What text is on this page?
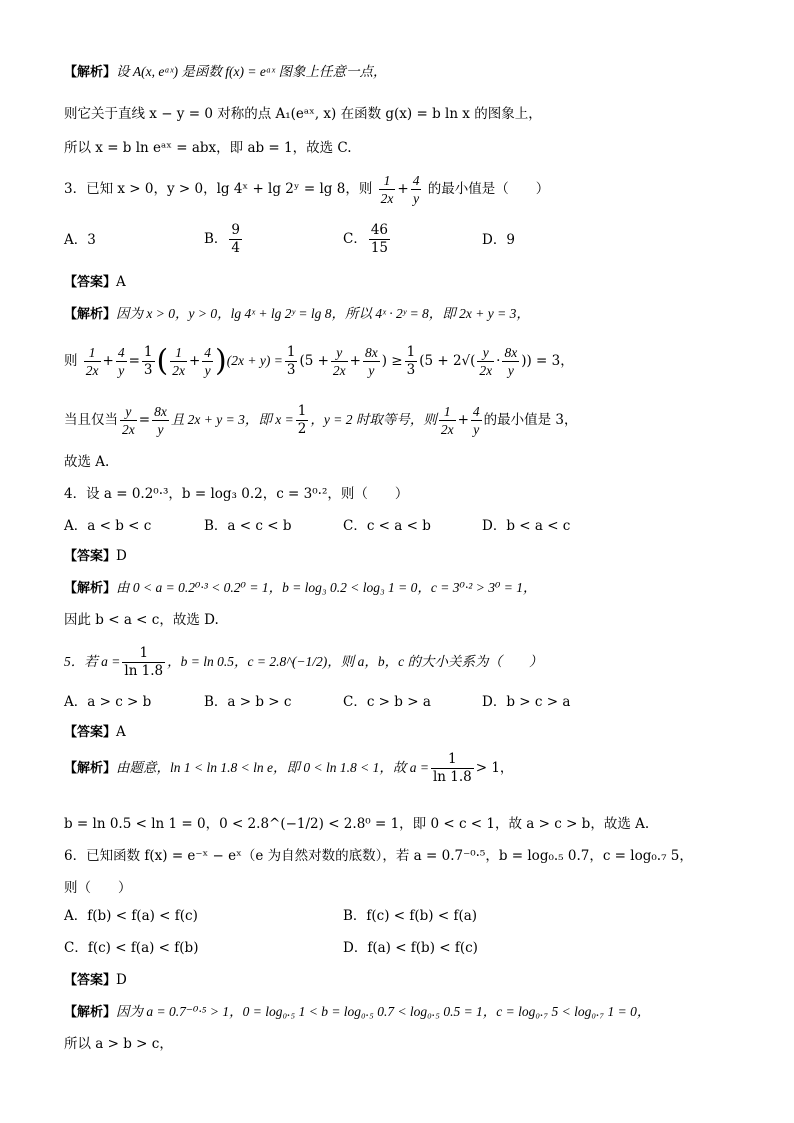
【解析】设 A(x, eᵃˣ) 是函数 f(x) = eᵃˣ 图象上任意一点，
则它关于直线 x − y = 0 对称的点 A₁(eᵃˣ, x) 在函数 g(x) = b ln x 的图象上，
所以 x = b ln eᵃˣ = abx，即 ab = 1，故选 C.
3．已知 x > 0，y > 0，lg 4ˣ + lg 2ʸ = lg 8，则 $\frac{1}{2x} + \frac{4}{y}$ 的最小值是（　　）
A．3	B． $\frac{9}{4}$	C． $\frac{46}{15}$	D．9
【答案】A
【解析】因为 x > 0，y > 0，lg 4ˣ + lg 2ʸ = lg 8，所以 4ˣ · 2ʸ = 8，即 2x + y = 3，
则 $\frac{1}{2x} + \frac{4}{y} = \frac{1}{3}$ ( $\frac{1}{2x} + \frac{4}{y} )(2x + y) = \frac{1}{3} (5 + \frac{y}{2x} + \frac{8x}{y}$ ) ≥ $\frac{1}{3} (5 + 2√( \frac{y}{2x} \cdot \frac{8x}{y}$ )) = 3，
当且仅当 $\frac{y}{2x} = \frac{8x}{y}$ 且 2x + y = 3，即 $x = \frac{1}{2}$ ，y = 2 时取等号，则 $\frac{1}{2x} + \frac{4}{y}$ 的最小值是 3，
故选 A.
4．设 a = 0.2⁰·³，b = log₃ 0.2，c = 3⁰·²，则（　　）
A．a < b < c	B．a < c < b	C．c < a < b	D．b < a < c
【答案】D
【解析】由 0 < a = 0.2⁰·³ < 0.2⁰ = 1，b = log₃ 0.2 < log₃ 1 = 0，c = 3⁰·² > 3⁰ = 1，
因此 b < a < c，故选 D.
5．若 $a = \frac{1}{\ln 1.8}$ ，b = ln 0.5，c = 2.8^(−1/2)，则 a，b，c 的大小关系为（　　）
A．a > c > b	B．a > b > c	C．c > b > a	D．b > c > a
【答案】A
【解析】由题意，ln 1 < ln 1.8 < ln e，即 0 < ln 1.8 < 1，故 $a = \frac{1}{\ln 1.8} > 1$，
b = ln 0.5 < ln 1 = 0，0 < 2.8^(−1/2) < 2.8⁰ = 1，即 0 < c < 1，故 a > c > b，故选 A.
6．已知函数 f(x) = e⁻ˣ − eˣ（e 为自然对数的底数），若 a = 0.7⁻⁰·⁵，b = log₀.₅ 0.7，c = log₀.₇ 5，
则（　　）
A．f(b) < f(a) < f(c)	B．f(c) < f(b) < f(a)
C．f(c) < f(a) < f(b)	D．f(a) < f(b) < f(c)
【答案】D
【解析】因为 a = 0.7⁻⁰·⁵ > 1，0 = log₀.₅ 1 < b = log₀.₅ 0.7 < log₀.₅ 0.5 = 1，c = log₀.₇ 5 < log₀.₇ 1 = 0，
所以 a > b > c，
